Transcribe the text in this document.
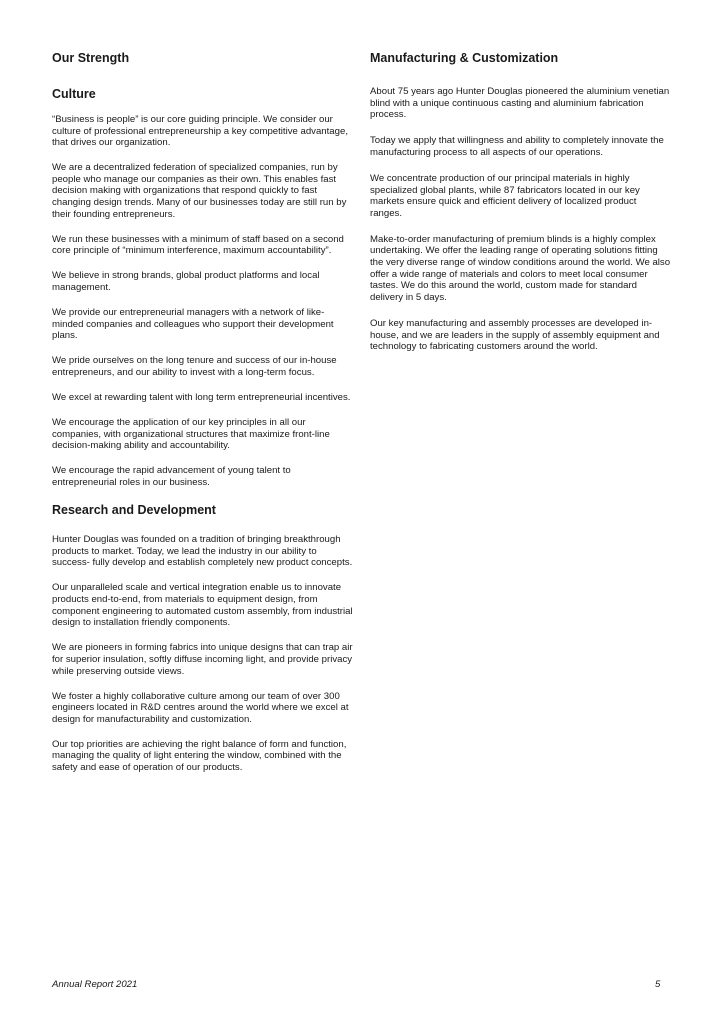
Our Strength
Culture

“Business is people” is our core guiding principle. We consider our culture of professional entrepreneurship a key competitive advantage, that drives our organization.

We are a decentralized federation of specialized companies, run by people who manage our companies as their own. This enables fast decision making with organizations that respond quickly to fast changing design trends. Many of our businesses today are still run by their founding entrepreneurs.

We run these businesses with a minimum of staff based on a second core principle of “minimum interference, maximum accountability”.

We believe in strong brands, global product platforms and local management.

We provide our entrepreneurial managers with a network of like-minded companies and colleagues who support their development plans.

We pride ourselves on the long tenure and success of our in-house entrepreneurs, and our ability to invest with a long-term focus.

We excel at rewarding talent with long term entrepreneurial incentives.

We encourage the application of our key principles in all our companies, with organizational structures that maximize front-line decision-making ability and accountability.

We encourage the rapid advancement of young talent to entrepreneurial roles in our business.

Research and Development

Hunter Douglas was founded on a tradition of bringing breakthrough products to market. Today, we lead the industry in our ability to success- fully develop and establish completely new product concepts.

Our unparalleled scale and vertical integration enable us to innovate products end-to-end, from materials to equipment design, from component engineering to automated custom assembly, from industrial design to installation friendly components.

We are pioneers in forming fabrics into unique designs that can trap air for superior insulation, softly diffuse incoming light, and provide privacy while preserving outside views.

We foster a highly collaborative culture among our team of over 300 engineers located in R&D centres around the world where we excel at design for manufacturability and customization.

Our top priorities are achieving the right balance of form and function, managing the quality of light entering the window, combined with the safety and ease of operation of our products.

Manufacturing & Customization

About 75 years ago Hunter Douglas pioneered the aluminium venetian blind with a unique continuous casting and aluminium fabrication process.

Today we apply that willingness and ability to completely innovate the manufacturing process to all aspects of our operations.

We concentrate production of our principal materials in highly specialized global plants, while 87 fabricators located in our key markets ensure quick and efficient delivery of localized product ranges.

Make-to-order manufacturing of premium blinds is a highly complex undertaking. We offer the leading range of operating solutions fitting the very diverse range of window conditions around the world. We also offer a wide range of materials and colors to meet local consumer tastes. We do this around the world, custom made for standard delivery in 5 days.

Our key manufacturing and assembly processes are developed in-house, and we are leaders in the supply of assembly equipment and technology to fabricating customers around the world.

Annual Report 2021	5
